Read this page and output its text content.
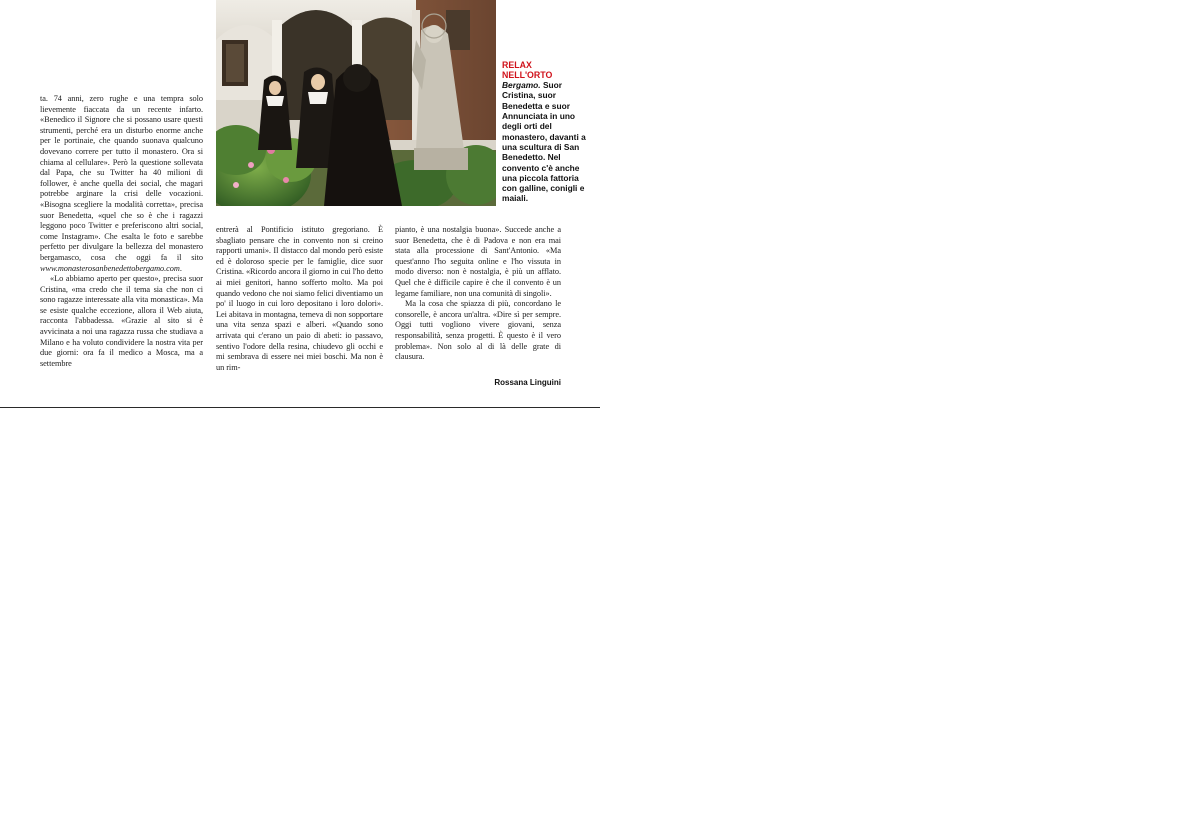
RELAX
NELL'ORTO
Bergamo. Suor Cristina, suor Benedetta e suor Annunciata in uno degli orti del monastero, davanti a una scultura di San Benedetto. Nel convento c'è anche una piccola fattoria con galline, conigli e maiali.

ta. 74 anni, zero rughe e una tempra solo lievemente fiaccata da un recente infarto. «Benedico il Signore che si possano usare questi strumenti, perché era un disturbo enorme anche per le portinaie, che quando suonava qualcuno dovevano correre per tutto il monastero. Ora si chiama al cellulare». Però la questione sollevata dal Papa, che su Twitter ha 40 milioni di follower, è anche quella dei social, che magari potrebbe arginare la crisi delle vocazioni. «Bisogna scegliere la modalità corretta», precisa suor Benedetta, «quel che so è che i ragazzi leggono poco Twitter e preferiscono altri social, come Instagram». Che esalta le foto e sarebbe perfetto per divulgare la bellezza del monastero bergamasco, cosa che oggi fa il sito www.monasterosanbenedettobergamo.com.

«Lo abbiamo aperto per questo», precisa suor Cristina, «ma credo che il tema sia che non ci sono ragazze interessate alla vita monastica». Ma se esiste qualche eccezione, allora il Web aiuta, racconta l'abbadessa. «Grazie al sito si è avvicinata a noi una ragazza russa che studiava a Milano e ha voluto condividere la nostra vita per due giorni: ora fa il medico a Mosca, ma a settembre

entrerà al Pontificio istituto gregoriano. È sbagliato pensare che in convento non si creino rapporti umani». Il distacco dal mondo però esiste ed è doloroso specie per le famiglie, dice suor Cristina. «Ricordo ancora il giorno in cui l'ho detto ai miei genitori, hanno sofferto molto. Ma poi quando vedono che noi siamo felici diventiamo un po' il luogo in cui loro depositano i loro dolori». Lei abitava in montagna, temeva di non sopportare una vita senza spazi e alberi. «Quando sono arrivata qui c'erano un paio di abeti: io passavo, sentivo l'odore della resina, chiudevo gli occhi e mi sembrava di essere nei miei boschi. Ma non è un rim-

pianto, è una nostalgia buona». Succede anche a suor Benedetta, che è di Padova e non era mai stata alla processione di Sant'Antonio. «Ma quest'anno l'ho seguita online e l'ho vissuta in modo diverso: non è nostalgia, è più un afflato. Quel che è difficile capire è che il convento è un legame familiare, non una comunità di singoli».

Ma la cosa che spiazza di più, concordano le consorelle, è ancora un'altra. «Dire sì per sempre. Oggi tutti vogliono vivere giovani, senza responsabilità, senza progetti. È questo è il vero problema». Non solo al di là delle grate di clausura.

Rossana Linguini
